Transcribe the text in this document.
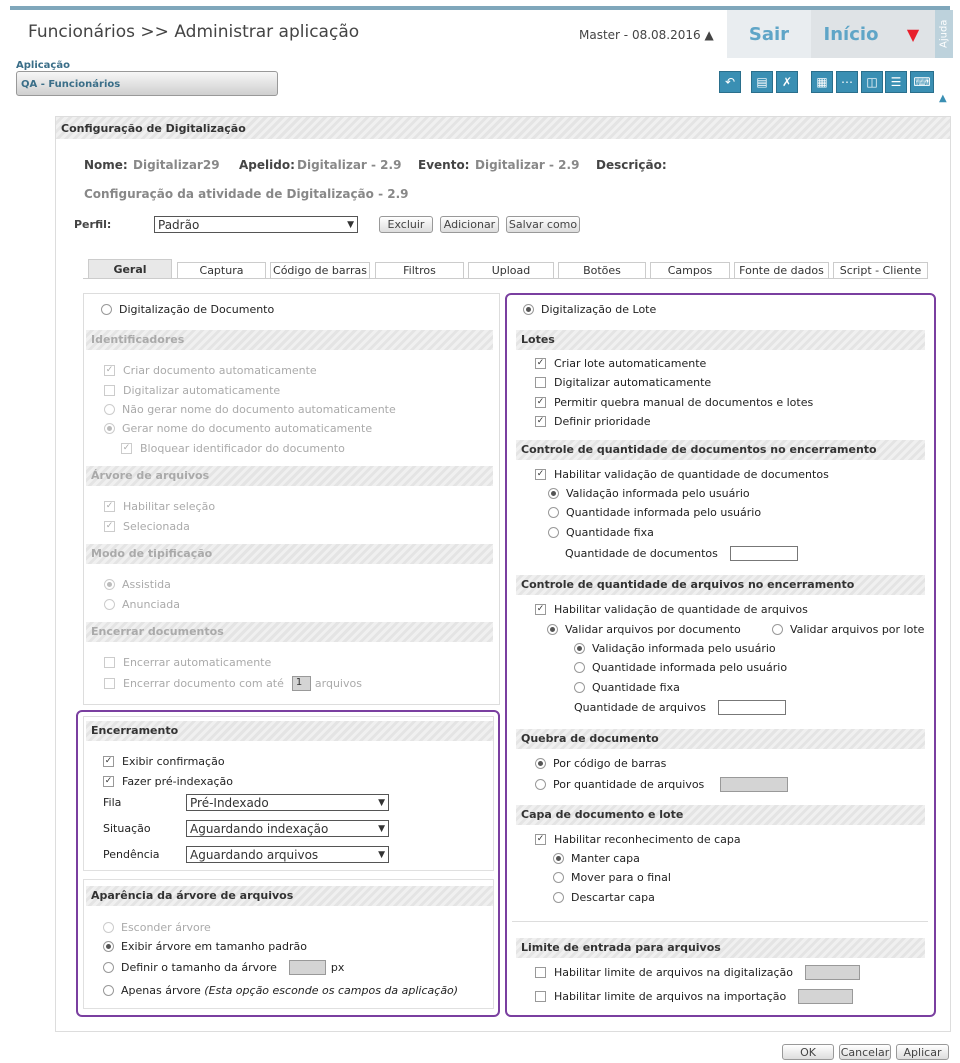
Funcionários >> Administrar aplicação	Master - 08.08.2016 ▲	Sair	Início	▼	Ajuda
Aplicação
QA - Funcionários	↶	▤	✗	▦	⋯	◫	☰ ⌨
▲
Configuração de Digitalização
Nome: Digitalizar29 Apelido: Digitalizar - 2.9 Evento: Digitalizar - 2.9 Descrição:
Configuração da atividade de Digitalização - 2.9
Perfil:	Padrão	▼	Excluir	Adicionar	Salvar como
Geral	Captura	Código de barras	Filtros	Upload	Botões	Campos	Fonte de dados	Script - Cliente
Digitalização de Documento
Identificadores
✓ Criar documento automaticamente
Digitalizar automaticamente
Não gerar nome do documento automaticamente
Gerar nome do documento automaticamente
✓ Bloquear identificador do documento
Árvore de arquivos
✓ Habilitar seleção
✓ Selecionada
Modo de tipificação
Assistida
Anunciada
Encerrar documentos
Encerrar automaticamente
Encerrar documento com até	1	arquivos
Encerramento
✓ Exibir confirmação
✓ Fazer pré-indexação
Fila	Pré-Indexado	▼
Situação	Aguardando indexação	▼
Pendência	Aguardando arquivos	▼
Aparência da árvore de arquivos
Esconder árvore
Exibir árvore em tamanho padrão
Definir o tamanho da árvore	px
Apenas árvore
(Esta opção esconde os campos da aplicação)
Digitalização de Lote
Lotes
✓ Criar lote automaticamente
Digitalizar automaticamente
✓ Permitir quebra manual de documentos e lotes
✓ Definir prioridade
Controle de quantidade de documentos no encerramento
✓ Habilitar validação de quantidade de documentos
Validação informada pelo usuário
Quantidade informada pelo usuário
Quantidade fixa
Quantidade de documentos
Controle de quantidade de arquivos no encerramento
✓ Habilitar validação de quantidade de arquivos
Validar arquivos por documento	Validar arquivos por lote
Validação informada pelo usuário
Quantidade informada pelo usuário
Quantidade fixa
Quantidade de arquivos
Quebra de documento
Por código de barras
Por quantidade de arquivos
Capa de documento e lote
✓ Habilitar reconhecimento de capa
Manter capa
Mover para o final
Descartar capa
Limite de entrada para arquivos
Habilitar limite de arquivos na digitalização
Habilitar limite de arquivos na importação
OK	Cancelar	Aplicar
